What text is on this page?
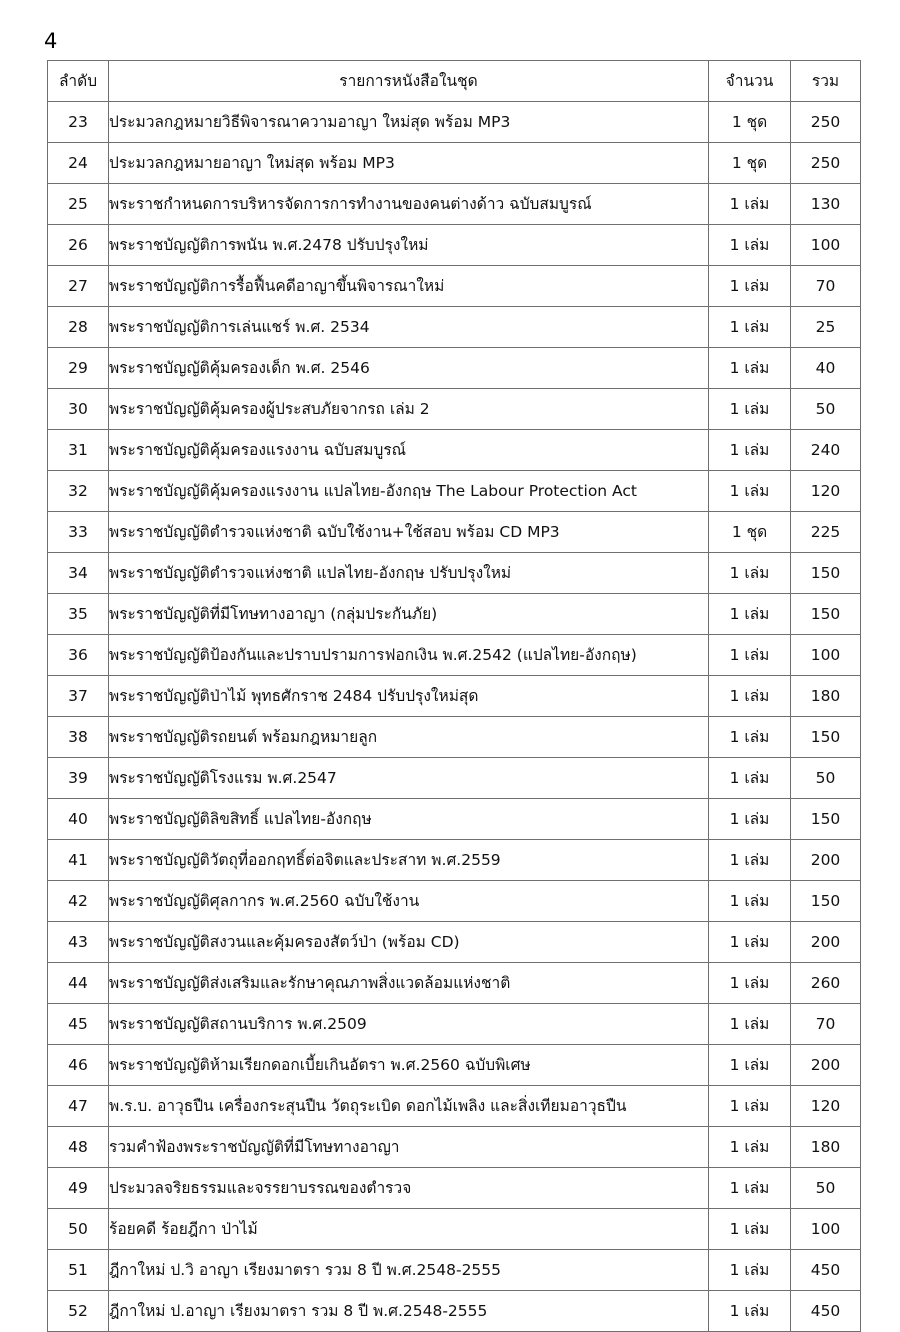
4
ลำดับ	รายการหนังสือในชุด	จำนวน	รวม
23	ประมวลกฎหมายวิธีพิจารณาความอาญา ใหม่สุด พร้อม MP3	1 ชุด	250
24	ประมวลกฎหมายอาญา ใหม่สุด พร้อม MP3	1 ชุด	250
25	พระราชกำหนดการบริหารจัดการการทำงานของคนต่างด้าว ฉบับสมบูรณ์	1 เล่ม	130
26	พระราชบัญญัติการพนัน พ.ศ.2478 ปรับปรุงใหม่	1 เล่ม	100
27	พระราชบัญญัติการรื้อฟื้นคดีอาญาขึ้นพิจารณาใหม่	1 เล่ม	70
28	พระราชบัญญัติการเล่นแชร์ พ.ศ. 2534	1 เล่ม	25
29	พระราชบัญญัติคุ้มครองเด็ก พ.ศ. 2546	1 เล่ม	40
30	พระราชบัญญัติคุ้มครองผู้ประสบภัยจากรถ เล่ม 2	1 เล่ม	50
31	พระราชบัญญัติคุ้มครองแรงงาน ฉบับสมบูรณ์	1 เล่ม	240
32	พระราชบัญญัติคุ้มครองแรงงาน แปลไทย-อังกฤษ The Labour Protection Act	1 เล่ม	120
33	พระราชบัญญัติตำรวจแห่งชาติ ฉบับใช้งาน+ใช้สอบ พร้อม CD MP3	1 ชุด	225
34	พระราชบัญญัติตำรวจแห่งชาติ แปลไทย-อังกฤษ ปรับปรุงใหม่	1 เล่ม	150
35	พระราชบัญญัติที่มีโทษทางอาญา (กลุ่มประกันภัย)	1 เล่ม	150
36	พระราชบัญญัติป้องกันและปราบปรามการฟอกเงิน พ.ศ.2542 (แปลไทย-อังกฤษ)	1 เล่ม	100
37	พระราชบัญญัติป่าไม้ พุทธศักราช 2484 ปรับปรุงใหม่สุด	1 เล่ม	180
38	พระราชบัญญัติรถยนต์ พร้อมกฎหมายลูก	1 เล่ม	150
39	พระราชบัญญัติโรงแรม พ.ศ.2547	1 เล่ม	50
40	พระราชบัญญัติลิขสิทธิ์ แปลไทย-อังกฤษ	1 เล่ม	150
41	พระราชบัญญัติวัตถุที่ออกฤทธิ์ต่อจิตและประสาท พ.ศ.2559	1 เล่ม	200
42	พระราชบัญญัติศุลกากร พ.ศ.2560 ฉบับใช้งาน	1 เล่ม	150
43	พระราชบัญญัติสงวนและคุ้มครองสัตว์ป่า (พร้อม CD)	1 เล่ม	200
44	พระราชบัญญัติส่งเสริมและรักษาคุณภาพสิ่งแวดล้อมแห่งชาติ	1 เล่ม	260
45	พระราชบัญญัติสถานบริการ พ.ศ.2509	1 เล่ม	70
46	พระราชบัญญัติห้ามเรียกดอกเบี้ยเกินอัตรา พ.ศ.2560 ฉบับพิเศษ	1 เล่ม	200
47	พ.ร.บ. อาวุธปืน เครื่องกระสุนปืน วัตถุระเบิด ดอกไม้เพลิง และสิ่งเทียมอาวุธปืน	1 เล่ม	120
48	รวมคำฟ้องพระราชบัญญัติที่มีโทษทางอาญา	1 เล่ม	180
49	ประมวลจริยธรรมและจรรยาบรรณของตำรวจ	1 เล่ม	50
50	ร้อยคดี ร้อยฎีกา ป่าไม้	1 เล่ม	100
51	ฎีกาใหม่ ป.วิ อาญา เรียงมาตรา รวม 8 ปี พ.ศ.2548-2555	1 เล่ม	450
52	ฎีกาใหม่ ป.อาญา เรียงมาตรา รวม 8 ปี พ.ศ.2548-2555	1 เล่ม	450
